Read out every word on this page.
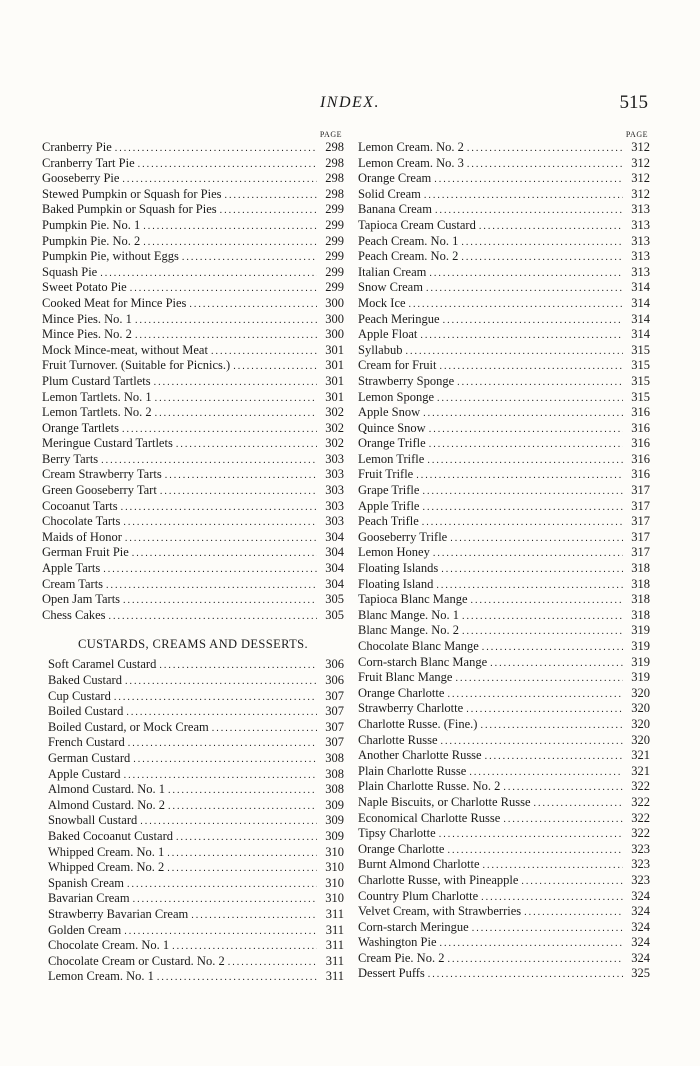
INDEX.	515
PAGE
Cranberry Pie .....	298
Cranberry Tart Pie .....	298
Gooseberry Pie .....	298
Stewed Pumpkin or Squash for Pies .....	298
Baked Pumpkin or Squash for Pies .....	299
Pumpkin Pie. No. 1 .....	299
Pumpkin Pie. No. 2 .....	299
Pumpkin Pie, without Eggs .....	299
Squash Pie .....	299
Sweet Potato Pie .....	299
Cooked Meat for Mince Pies .....	300
Mince Pies. No. 1 .....	300
Mince Pies. No. 2 .....	300
Mock Mince-meat, without Meat .....	301
Fruit Turnover. (Suitable for Picnics.) .....	301
Plum Custard Tartlets .....	301
Lemon Tartlets. No. 1 .....	301
Lemon Tartlets. No. 2 .....	302
Orange Tartlets .....	302
Meringue Custard Tartlets .....	302
Berry Tarts .....	303
Cream Strawberry Tarts .....	303
Green Gooseberry Tart .....	303
Cocoanut Tarts .....	303
Chocolate Tarts .....	303
Maids of Honor .....	304
German Fruit Pie .....	304
Apple Tarts .....	304
Cream Tarts .....	304
Open Jam Tarts .....	305
Chess Cakes .....	305
CUSTARDS, CREAMS AND DESSERTS.
Soft Caramel Custard .....	306
Baked Custard .....	306
Cup Custard .....	307
Boiled Custard .....	307
Boiled Custard, or Mock Cream .....	307
French Custard .....	307
German Custard .....	308
Apple Custard .....	308
Almond Custard. No. 1 .....	308
Almond Custard. No. 2 .....	309
Snowball Custard .....	309
Baked Cocoanut Custard .....	309
Whipped Cream. No. 1 .....	310
Whipped Cream. No. 2 .....	310
Spanish Cream .....	310
Bavarian Cream .....	310
Strawberry Bavarian Cream .....	311
Golden Cream .....	311
Chocolate Cream. No. 1 .....	311
Chocolate Cream or Custard. No. 2 .....	311
Lemon Cream. No. 1 .....	311
PAGE
Lemon Cream. No. 2 .....	312
Lemon Cream. No. 3 .....	312
Orange Cream .....	312
Solid Cream .....	312
Banana Cream .....	313
Tapioca Cream Custard .....	313
Peach Cream. No. 1 .....	313
Peach Cream. No. 2 .....	313
Italian Cream .....	313
Snow Cream .....	314
Mock Ice .....	314
Peach Meringue .....	314
Apple Float .....	314
Syllabub .....	315
Cream for Fruit .....	315
Strawberry Sponge .....	315
Lemon Sponge .....	315
Apple Snow .....	316
Quince Snow .....	316
Orange Trifle .....	316
Lemon Trifle .....	316
Fruit Trifle .....	316
Grape Trifle .....	317
Apple Trifle .....	317
Peach Trifle .....	317
Gooseberry Trifle .....	317
Lemon Honey .....	317
Floating Islands .....	318
Floating Island .....	318
Tapioca Blanc Mange .....	318
Blanc Mange. No. 1 .....	318
Blanc Mange. No. 2 .....	319
Chocolate Blanc Mange .....	319
Corn-starch Blanc Mange .....	319
Fruit Blanc Mange .....	319
Orange Charlotte .....	320
Strawberry Charlotte .....	320
Charlotte Russe. (Fine.) .....	320
Charlotte Russe .....	320
Another Charlotte Russe .....	321
Plain Charlotte Russe .....	321
Plain Charlotte Russe. No. 2 .....	322
Naple Biscuits, or Charlotte Russe .....	322
Economical Charlotte Russe .....	322
Tipsy Charlotte .....	322
Orange Charlotte .....	323
Burnt Almond Charlotte .....	323
Charlotte Russe, with Pineapple .....	323
Country Plum Charlotte .....	324
Velvet Cream, with Strawberries .....	324
Corn-starch Meringue .....	324
Washington Pie .....	324
Cream Pie. No. 2 .....	324
Dessert Puffs .....	325
